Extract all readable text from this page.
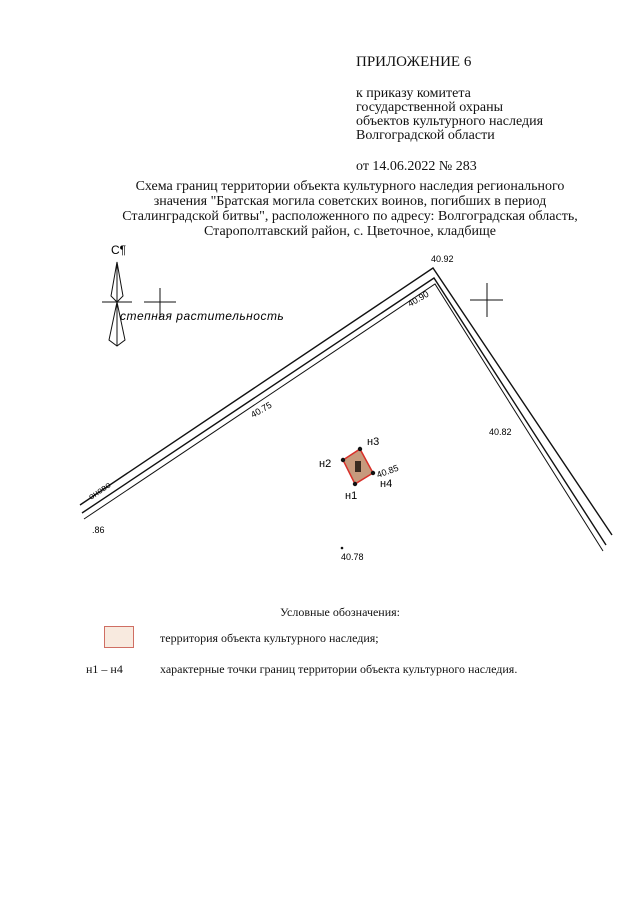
ПРИЛОЖЕНИЕ 6
к приказу комитета
государственной охраны
объектов культурного наследия
Волгоградской области
от 14.06.2022 № 283
Схема границ территории объекта культурного наследия регионального
значения "Братская могила советских воинов, погибших в период
Сталинградской битвы", расположенного по адресу: Волгоградская область,
Старополтавский район, с. Цветочное, кладбище
С¶
степная растительность
40.92
40.90
40.82
40.75
40.85
40.78
.86
оново	н1
н2
н3
н4
Условные обозначения:
территория объекта культурного наследия;
н1 – н4	характерные точки границ территории объекта культурного наследия.
